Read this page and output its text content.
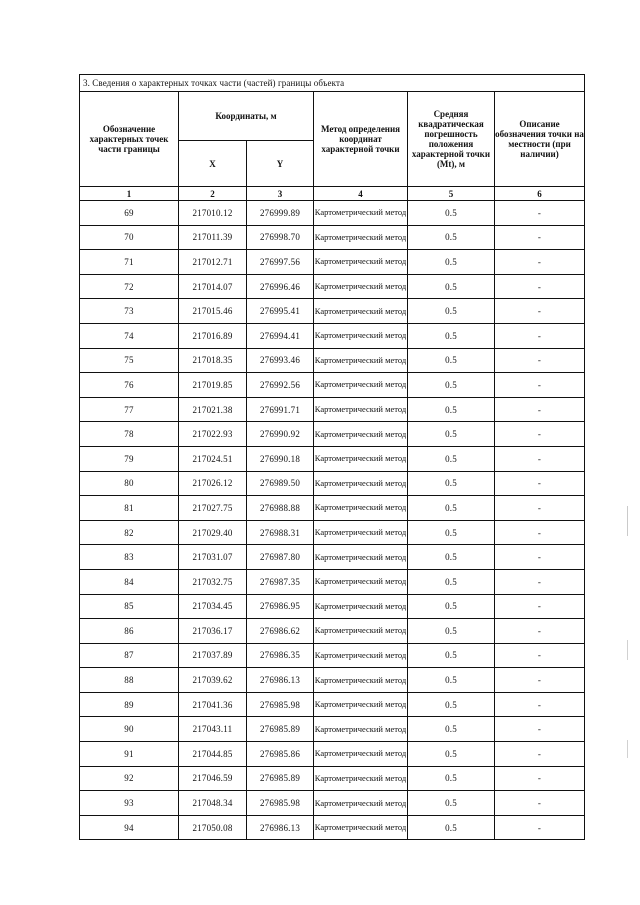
3. Сведения о характерных точках части (частей) границы объекта					
Обозначение характерных точек части границы	Координаты, м		Метод определения координат характерной точки	Средняя квадратическая погрешность положения характерной точки (Mt), м	Описание обозначения точки на местности (при наличии)
	X	Y			
1	2	3	4	5	6
69	217010.12	276999.89	Картометрический метод	0.5	-
70	217011.39	276998.70	Картометрический метод	0.5	-
71	217012.71	276997.56	Картометрический метод	0.5	-
72	217014.07	276996.46	Картометрический метод	0.5	-
73	217015.46	276995.41	Картометрический метод	0.5	-
74	217016.89	276994.41	Картометрический метод	0.5	-
75	217018.35	276993.46	Картометрический метод	0.5	-
76	217019.85	276992.56	Картометрический метод	0.5	-
77	217021.38	276991.71	Картометрический метод	0.5	-
78	217022.93	276990.92	Картометрический метод	0.5	-
79	217024.51	276990.18	Картометрический метод	0.5	-
80	217026.12	276989.50	Картометрический метод	0.5	-
81	217027.75	276988.88	Картометрический метод	0.5	-
82	217029.40	276988.31	Картометрический метод	0.5	-
83	217031.07	276987.80	Картометрический метод	0.5	-
84	217032.75	276987.35	Картометрический метод	0.5	-
85	217034.45	276986.95	Картометрический метод	0.5	-
86	217036.17	276986.62	Картометрический метод	0.5	-
87	217037.89	276986.35	Картометрический метод	0.5	-
88	217039.62	276986.13	Картометрический метод	0.5	-
89	217041.36	276985.98	Картометрический метод	0.5	-
90	217043.11	276985.89	Картометрический метод	0.5	-
91	217044.85	276985.86	Картометрический метод	0.5	-
92	217046.59	276985.89	Картометрический метод	0.5	-
93	217048.34	276985.98	Картометрический метод	0.5	-
94	217050.08	276986.13	Картометрический метод	0.5	-
